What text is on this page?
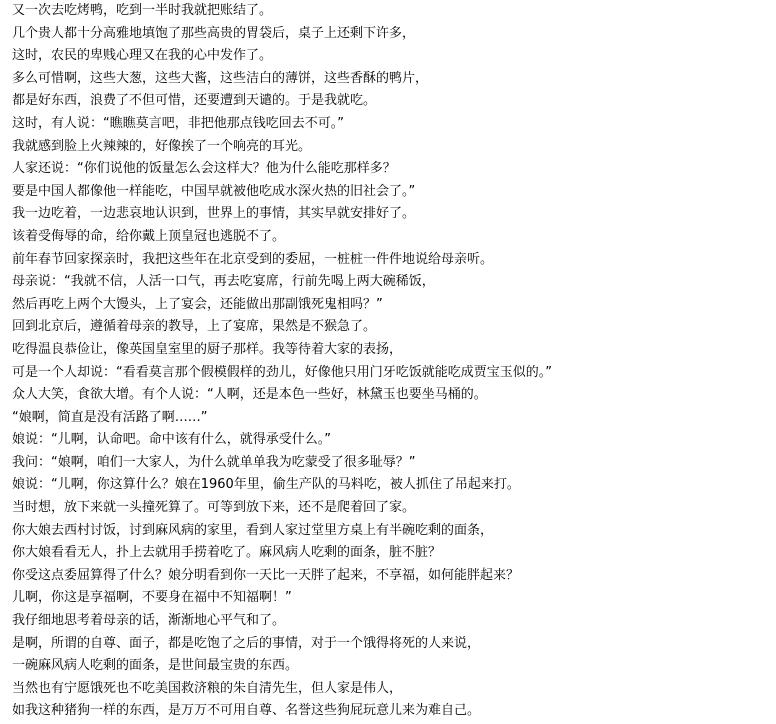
又一次去吃烤鸭，吃到一半时我就把账结了。
几个贵人都十分高雅地填饱了那些高贵的胃袋后，桌子上还剩下许多，
这时，农民的卑贱心理又在我的心中发作了。
多么可惜啊，这些大葱，这些大酱，这些洁白的薄饼，这些香酥的鸭片，
都是好东西，浪费了不但可惜，还要遭到天谴的。于是我就吃。
这时，有人说：“瞧瞧莫言吧，非把他那点钱吃回去不可。”
我就感到脸上火辣辣的，好像挨了一个响亮的耳光。
人家还说：“你们说他的饭量怎么会这样大？他为什么能吃那样多？
要是中国人都像他一样能吃，中国早就被他吃成水深火热的旧社会了。”
我一边吃着，一边悲哀地认识到，世界上的事情，其实早就安排好了。
该着受侮辱的命，给你戴上顶皇冠也逃脱不了。
前年春节回家探亲时，我把这些年在北京受到的委屈，一桩桩一件件地说给母亲听。
母亲说：“我就不信，人活一口气，再去吃宴席，行前先喝上两大碗稀饭，
然后再吃上两个大馒头，上了宴会，还能做出那副饿死鬼相吗？”
回到北京后，遵循着母亲的教导，上了宴席，果然是不猴急了。
吃得温良恭俭让，像英国皇室里的厨子那样。我等待着大家的表扬，
可是一个人却说：“看看莫言那个假模假样的劲儿，好像他只用门牙吃饭就能吃成贾宝玉似的。”
众人大笑，食欲大增。有个人说：“人啊，还是本色一些好，林黛玉也要坐马桶的。
“娘啊，简直是没有活路了啊……”
娘说：“儿啊，认命吧。命中该有什么，就得承受什么。”
我问：“娘啊，咱们一大家人，为什么就单单我为吃蒙受了很多耻辱？”
娘说：“儿啊，你这算什么？娘在1960年里，偷生产队的马料吃，被人抓住了吊起来打。
当时想，放下来就一头撞死算了。可等到放下来，还不是爬着回了家。
你大娘去西村讨饭，讨到麻风病的家里，看到人家过堂里方桌上有半碗吃剩的面条，
你大娘看看无人，扑上去就用手捞着吃了。麻风病人吃剩的面条，脏不脏？
你受这点委屈算得了什么？娘分明看到你一天比一天胖了起来，不享福，如何能胖起来？
儿啊，你这是享福啊，不要身在福中不知福啊！”
我仔细地思考着母亲的话，渐渐地心平气和了。
是啊，所谓的自尊、面子，都是吃饱了之后的事情，对于一个饿得将死的人来说，
一碗麻风病人吃剩的面条，是世间最宝贵的东西。
当然也有宁愿饿死也不吃美国救济粮的朱自清先生，但人家是伟人，
如我这种猪狗一样的东西，是万万不可用自尊、名誉这些狗屁玩意儿来为难自己。
